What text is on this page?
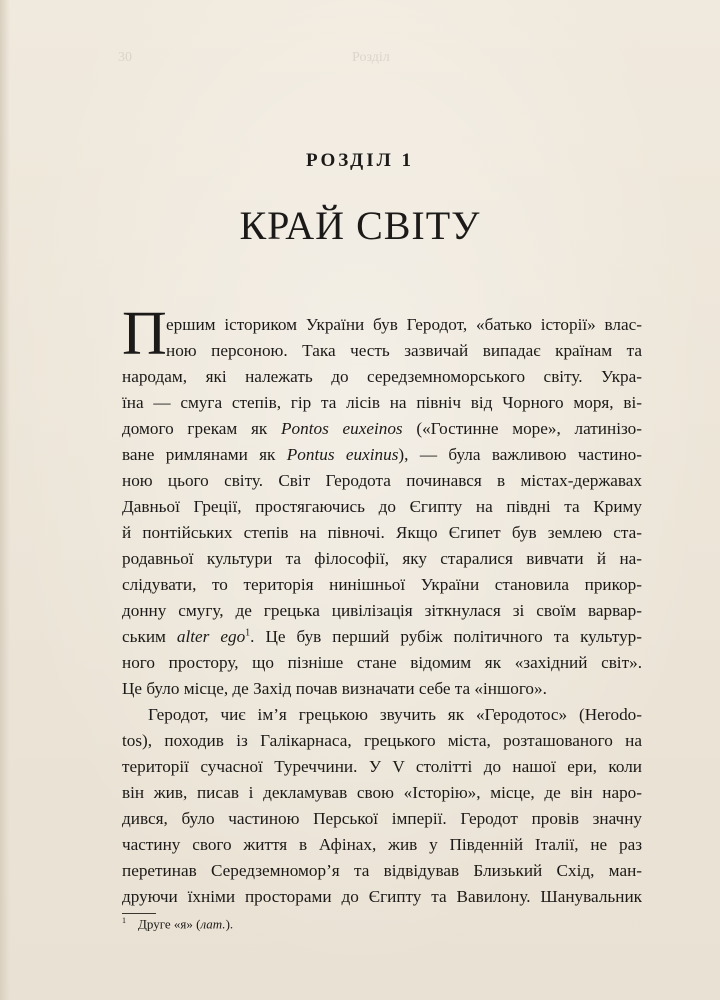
30	Розділ
РОЗДІЛ 1
КРАЙ СВІТУ
П ершим істориком України був Геродот, «батько історії» влас-
ною персоною. Така честь зазвичай випадає країнам та
народам, які належать до середземноморського світу. Укра-
їна — смуга степів, гір та лісів на північ від Чорного моря, ві-
домого грекам як Pontos euxeinos («Гостинне море», латинізо-
ване римлянами як Pontus euxinus), — була важливою частино-
ною цього світу. Світ Геродота починався в містах-державах
Давньої Греції, простягаючись до Єгипту на півдні та Криму
й понтійських степів на півночі. Якщо Єгипет був землею ста-
родавньої культури та філософії, яку старалися вивчати й на-
слідувати, то територія нинішньої України становила прикор-
донну смугу, де грецька цивілізація зіткнулася зі своїм варвар-
ським alter ego$^1$. Це був перший рубіж політичного та культур-
ного простору, що пізніше стане відомим як «західний світ».
Це було місце, де Захід почав визначати себе та «іншого».
Геродот, чиє ім’я грецькою звучить як «Геродотос» (Herodo-
tos), походив із Галікарнаса, грецького міста, розташованого на
території сучасної Туреччини. У V столітті до нашої ери, коли
він жив, писав і декламував свою «Історію», місце, де він наро-
дився, було частиною Перської імперії. Геродот провів значну
частину свого життя в Афінах, жив у Південній Італії, не раз
перетинав Середземномор’я та відвідував Близький Схід, ман-
друючи їхніми просторами до Єгипту та Вавилону. Шанувальник
$^1$ Друге «я» (лат.).
